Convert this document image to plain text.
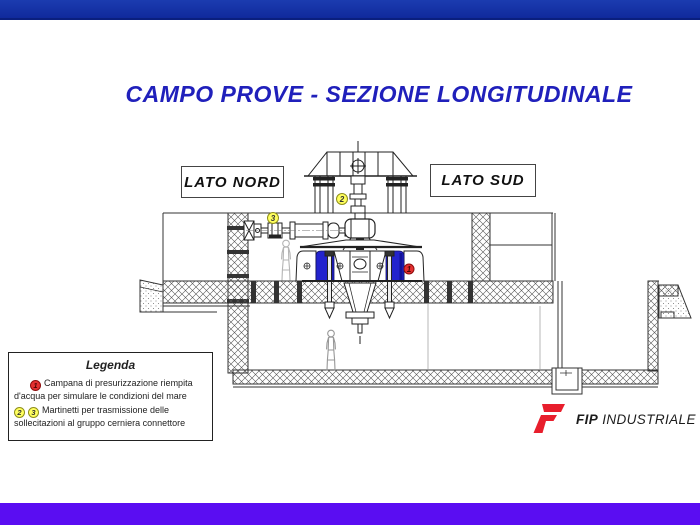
CAMPO PROVE - SEZIONE LONGITUDINALE
1
2
3
LATO NORD	LATO SUD
Legenda
1 Campana di presurizzazione riempita d'acqua per simulare le condizioni del mare
2 3 Martinetti per trasmissione delle sollecitazioni al gruppo cerniera connettore	FIP INDUSTRIALE
